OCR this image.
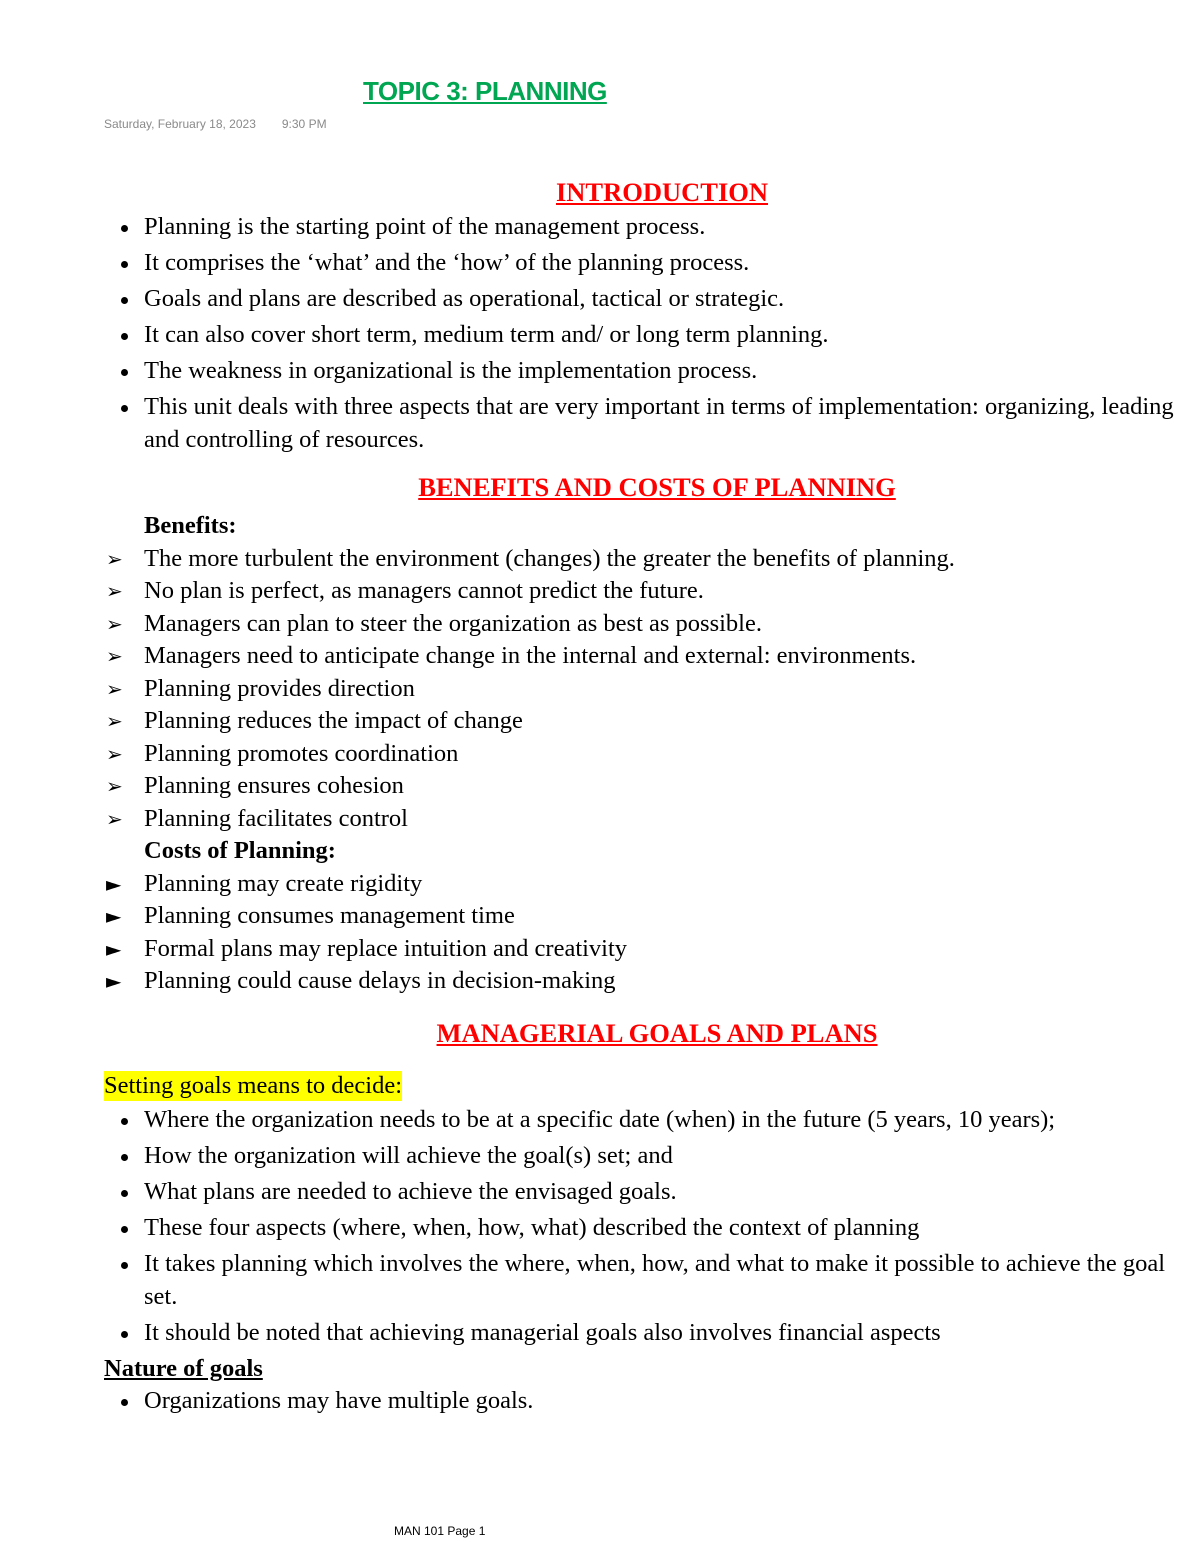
TOPIC 3: PLANNING
Saturday, February 18, 2023 9:30 PM
INTRODUCTION
Planning is the starting point of the management process.
It comprises the ‘what’ and the ‘how’ of the planning process.
Goals and plans are described as operational, tactical or strategic.
It can also cover short term, medium term and/ or long term planning.
The weakness in organizational is the implementation process.
This unit deals with three aspects that are very important in terms of implementation: organizing, leading and controlling of resources.
BENEFITS AND COSTS OF PLANNING
Benefits:
➢ The more turbulent the environment (changes) the greater the benefits of planning.
➢ No plan is perfect, as managers cannot predict the future.
➢ Managers can plan to steer the organization as best as possible.
➢ Managers need to anticipate change in the internal and external: environments.
➢ Planning provides direction
➢ Planning reduces the impact of change
➢ Planning promotes coordination
➢ Planning ensures cohesion
➢ Planning facilitates control
Costs of Planning:
► Planning may create rigidity
► Planning consumes management time
► Formal plans may replace intuition and creativity
► Planning could cause delays in decision-making
MANAGERIAL GOALS AND PLANS
Setting goals means to decide:
Where the organization needs to be at a specific date (when) in the future (5 years, 10 years);
How the organization will achieve the goal(s) set; and
What plans are needed to achieve the envisaged goals.
These four aspects (where, when, how, what) described the context of planning
It takes planning which involves the where, when, how, and what to make it possible to achieve the goal set.
It should be noted that achieving managerial goals also involves financial aspects
Nature of goals
Organizations may have multiple goals.
MAN 101 Page 1
